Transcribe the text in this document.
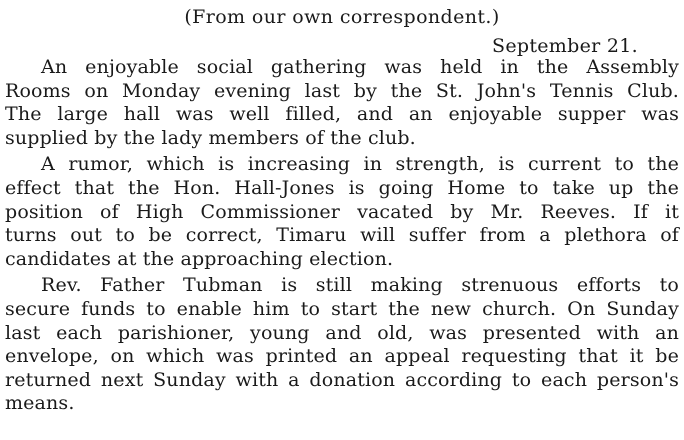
(From our own correspondent.)
September 21.
An enjoyable social gathering was held in the Assembly
Rooms on Monday evening last by the St. John's Tennis Club.
The large hall was well filled, and an enjoyable supper was
supplied by the lady members of the club.
A rumor, which is increasing in strength, is current to the
effect that the Hon. Hall-Jones is going Home to take up the
position of High Commissioner vacated by Mr. Reeves. If it
turns out to be correct, Timaru will suffer from a plethora of
candidates at the approaching election.
Rev. Father Tubman is still making strenuous efforts to
secure funds to enable him to start the new church. On Sunday
last each parishioner, young and old, was presented with an
envelope, on which was printed an appeal requesting that it be
returned next Sunday with a donation according to each person's
means.
